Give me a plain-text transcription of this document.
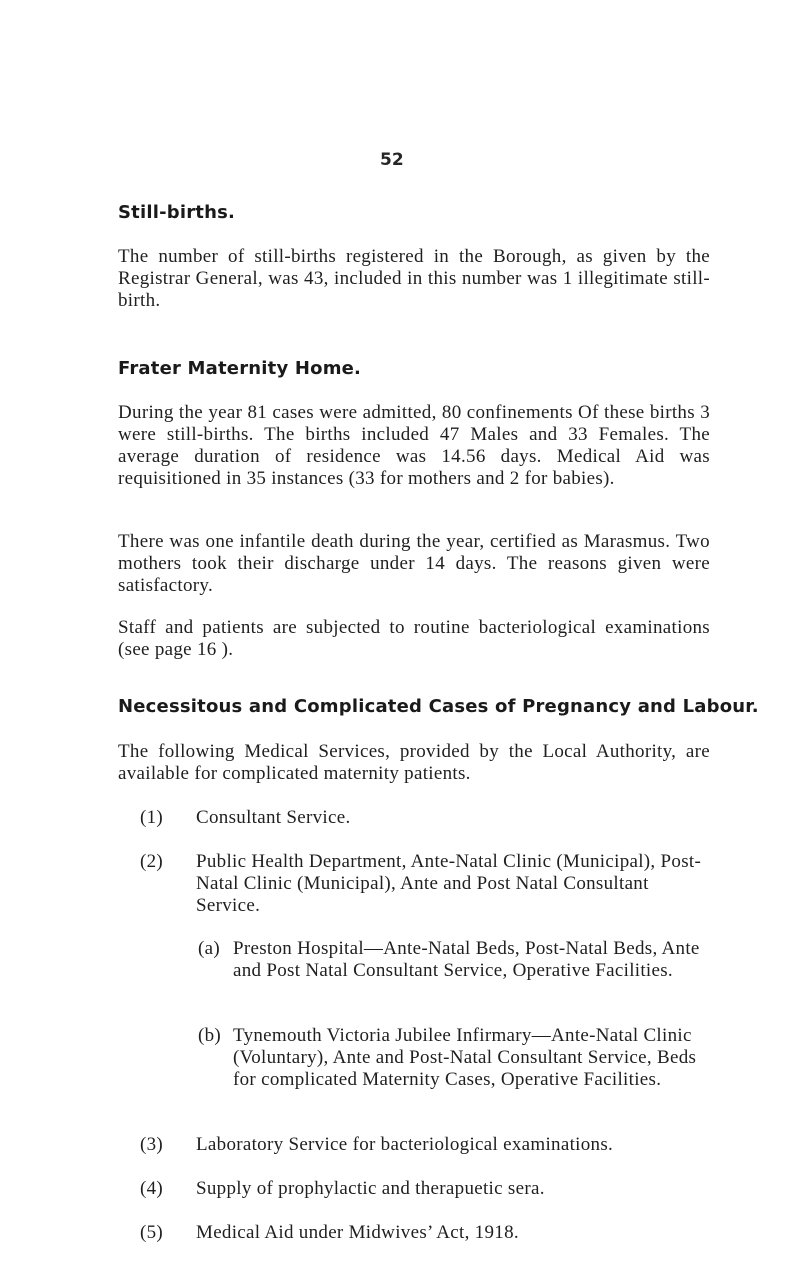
52
Still-births.

The number of still-births registered in the Borough, as given by the Registrar General, was 43, included in this number was 1 illegitimate still-birth.

Frater Maternity Home.

During the year 81 cases were admitted, 80 confinements Of these births 3 were still-births. The births included 47 Males and 33 Females. The average duration of residence was 14.56 days. Medical Aid was requisitioned in 35 instances (33 for mothers and 2 for babies).

There was one infantile death during the year, certified as Marasmus. Two mothers took their discharge under 14 days. The reasons given were satisfactory.

Staff and patients are subjected to routine bacteriological examinations (see page 16 ).

Necessitous and Complicated Cases of Pregnancy and Labour.

The following Medical Services, provided by the Local Authority, are available for complicated maternity patients.

(1) Consultant Service.
(2) Public Health Department, Ante-Natal Clinic (Municipal), Post-Natal Clinic (Municipal), Ante and Post Natal Consultant Service.
(a) Preston Hospital—Ante-Natal Beds, Post-Natal Beds, Ante and Post Natal Consultant Service, Operative Facilities.
(b) Tynemouth Victoria Jubilee Infirmary—Ante-Natal Clinic (Voluntary), Ante and Post-Natal Consultant Service, Beds for complicated Maternity Cases, Operative Facilities.
(3) Laboratory Service for bacteriological examinations.
(4) Supply of prophylactic and therapuetic sera.
(5) Medical Aid under Midwives’ Act, 1918.
